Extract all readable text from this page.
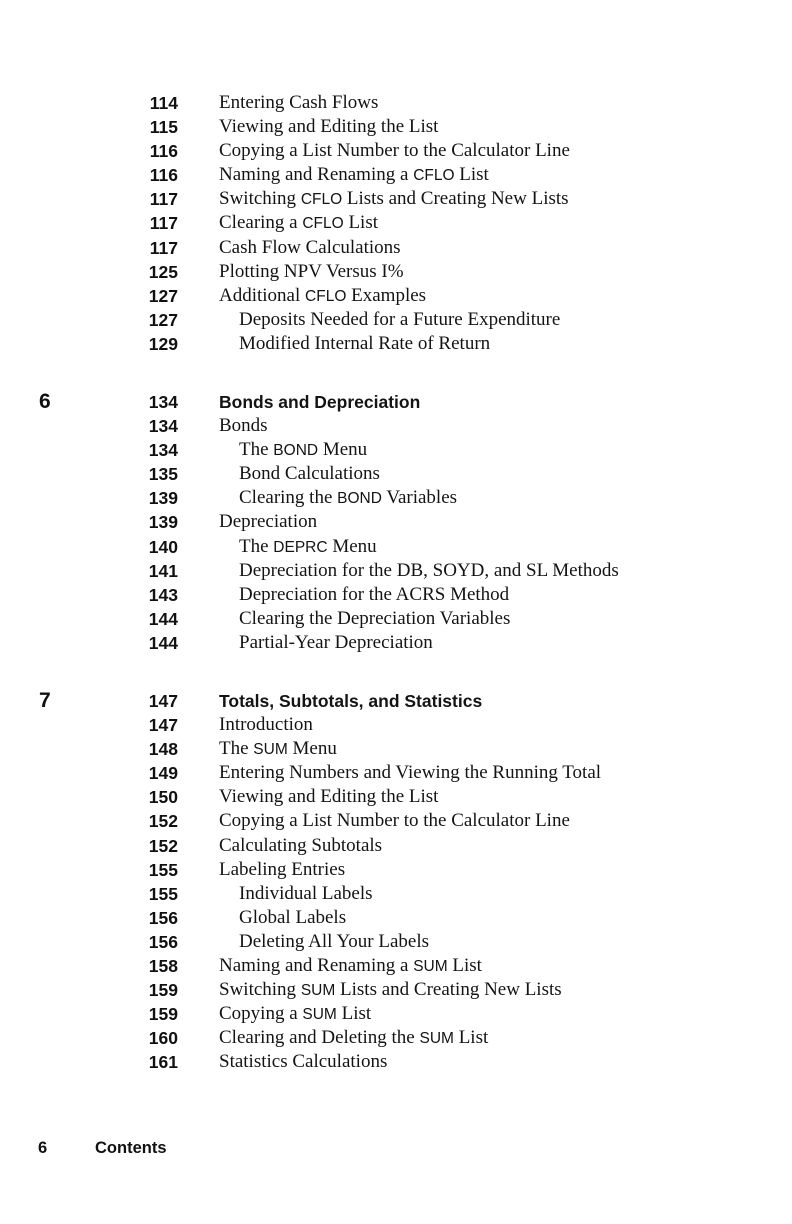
114 Entering Cash Flows
115 Viewing and Editing the List
116 Copying a List Number to the Calculator Line
116 Naming and Renaming a CFLO List
117 Switching CFLO Lists and Creating New Lists
117 Clearing a CFLO List
117 Cash Flow Calculations
125 Plotting NPV Versus I%
127 Additional CFLO Examples
127	Deposits Needed for a Future Expenditure
129	Modified Internal Rate of Return
6	134 Bonds and Depreciation
134 Bonds
134	The BOND Menu
135	Bond Calculations
139	Clearing the BOND Variables
139 Depreciation
140	The DEPRC Menu
141	Depreciation for the DB, SOYD, and SL Methods
143	Depreciation for the ACRS Method
144	Clearing the Depreciation Variables
144	Partial-Year Depreciation
7	147 Totals, Subtotals, and Statistics
147 Introduction
148 The SUM Menu
149 Entering Numbers and Viewing the Running Total
150 Viewing and Editing the List
152 Copying a List Number to the Calculator Line
152 Calculating Subtotals
155 Labeling Entries
155	Individual Labels
156	Global Labels
156	Deleting All Your Labels
158 Naming and Renaming a SUM List
159 Switching SUM Lists and Creating New Lists
159 Copying a SUM List
160 Clearing and Deleting the SUM List
161 Statistics Calculations
6	Contents
